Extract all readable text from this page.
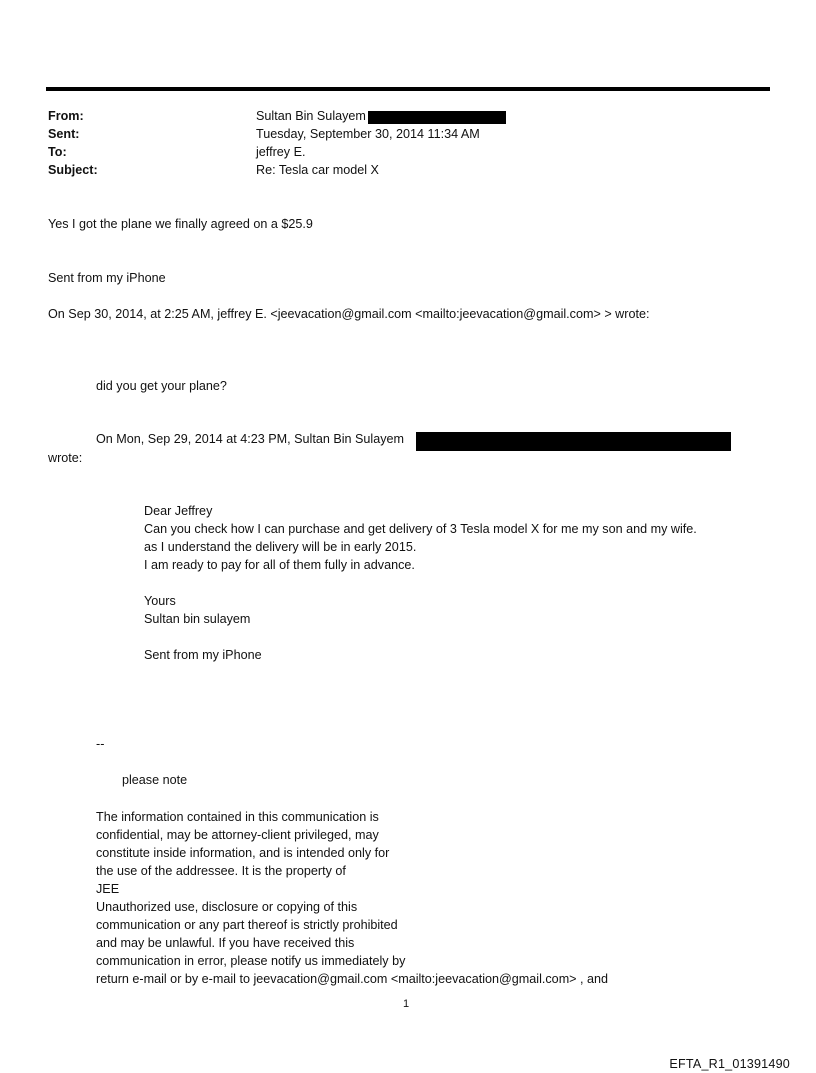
From:	Sultan Bin Sulayem
Sent:	Tuesday, September 30, 2014 11:34 AM
To:	jeffrey E.
Subject:	Re: Tesla car model X
Yes I got the plane we finally agreed on a $25.9
Sent from my iPhone
On Sep 30, 2014, at 2:25 AM, jeffrey E. <jeevacation@gmail.com <mailto:jeevacation@gmail.com> > wrote:
did you get your plane?
On Mon, Sep 29, 2014 at 4:23 PM, Sultan Bin Sulayem
wrote:
Dear Jeffrey
Can you check how I can purchase and get delivery of 3 Tesla model X for me my son and my wife.
as I understand the delivery will be in early 2015.
I am ready to pay for all of them fully in advance.
Yours
Sultan bin sulayem
Sent from my iPhone
--
please note
The information contained in this communication is
confidential, may be attorney-client privileged, may
constitute inside information, and is intended only for
the use of the addressee. It is the property of
JEE
Unauthorized use, disclosure or copying of this
communication or any part thereof is strictly prohibited
and may be unlawful. If you have received this
communication in error, please notify us immediately by
return e-mail or by e-mail to jeevacation@gmail.com <mailto:jeevacation@gmail.com> , and
1
EFTA_R1_01391490
